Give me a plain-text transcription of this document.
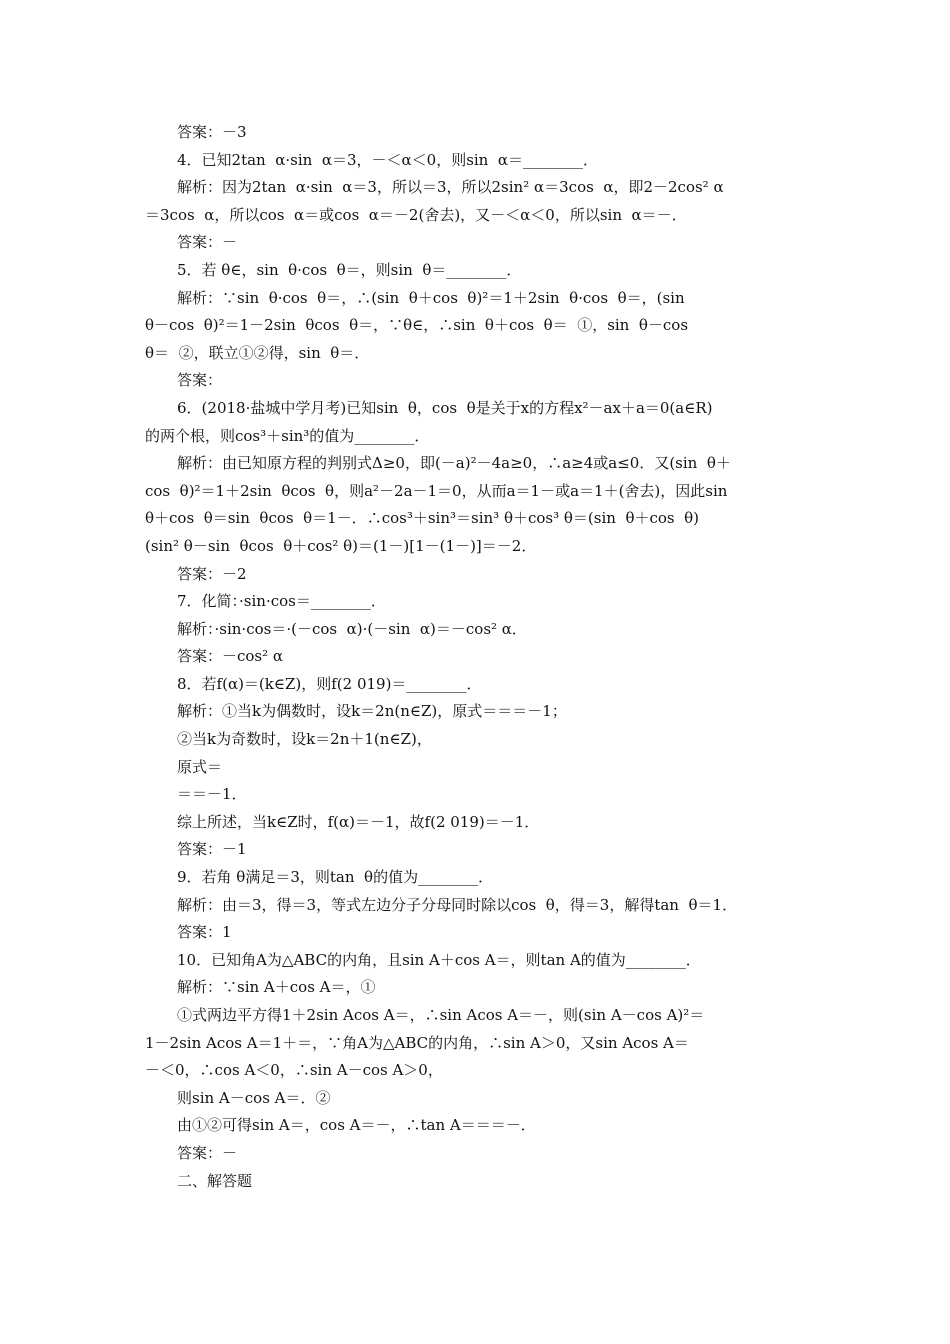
答案：－3
4．已知2tan  α·sin  α＝3，－＜α＜0，则sin  α＝________．
解析：因为2tan  α·sin  α＝3，所以＝3，所以2sin² α＝3cos  α，即2－2cos² α
＝3cos  α，所以cos  α＝或cos  α＝－2(舍去)，又－＜α＜0，所以sin  α＝－．
答案：－
5．若 θ∈，sin  θ·cos  θ＝，则sin  θ＝________．
解析：∵sin  θ·cos  θ＝，∴(sin  θ＋cos  θ)²＝1＋2sin  θ·cos  θ＝，(sin
θ－cos  θ)²＝1－2sin  θcos  θ＝，∵θ∈，∴sin  θ＋cos  θ＝  ①，sin  θ－cos
θ＝  ②，联立①②得，sin  θ＝．
答案：
6．(2018·盐城中学月考)已知sin  θ，cos  θ是关于x的方程x²－ax＋a＝0(a∈R)
的两个根，则cos³＋sin³的值为________．
解析：由已知原方程的判别式Δ≥0，即(－a)²－4a≥0，∴a≥4或a≤0．又(sin  θ＋
cos  θ)²＝1＋2sin  θcos  θ，则a²－2a－1＝0，从而a＝1－或a＝1＋(舍去)，因此sin
θ＋cos  θ＝sin  θcos  θ＝1－．∴cos³＋sin³＝sin³ θ＋cos³ θ＝(sin  θ＋cos  θ)
(sin² θ－sin  θcos  θ＋cos² θ)＝(1－)[1－(1－)]＝－2．
答案：－2
7．化简：·sin·cos＝________．
解析：·sin·cos＝·(－cos  α)·(－sin  α)＝－cos² α．
答案：－cos² α
8．若f(α)＝(k∈Z)，则f(2 019)＝________．
解析：①当k为偶数时，设k＝2n(n∈Z)，原式＝＝＝－1；
②当k为奇数时，设k＝2n＋1(n∈Z)，
原式＝
＝＝－1．
综上所述，当k∈Z时，f(α)＝－1，故f(2 019)＝－1．
答案：－1
9．若角 θ满足＝3，则tan  θ的值为________．
解析：由＝3，得＝3，等式左边分子分母同时除以cos  θ，得＝3，解得tan  θ＝1．
答案：1
10．已知角A为△ABC的内角，且sin A＋cos A＝，则tan A的值为________．
解析：∵sin A＋cos A＝，①
①式两边平方得1＋2sin Acos A＝，∴sin Acos A＝－，则(sin A－cos A)²＝
1－2sin Acos A＝1＋＝，∵角A为△ABC的内角，∴sin A＞0，又sin Acos A＝
－＜0，∴cos A＜0，∴sin A－cos A＞0，
则sin A－cos A＝．②
由①②可得sin A＝，cos A＝－，∴tan A＝＝＝－．
答案：－
二、解答题
